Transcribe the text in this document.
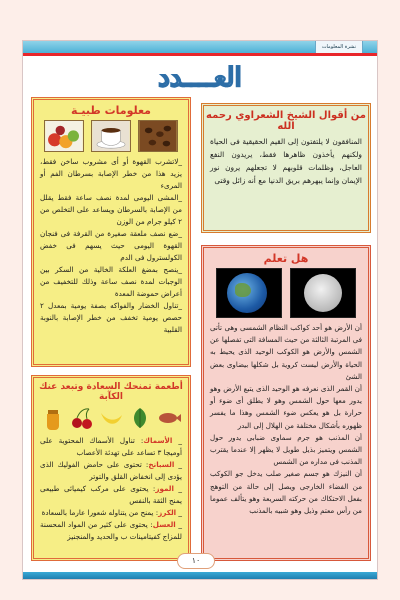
نشرة المعلومات
العــــدد
من أقوال الشيخ الشعراوي رحمه الله
المنافقون لا يلتفتون إلى القيم الحقيقية فى الحياة ولكنهم يأخذون ظاهرها فقط، يريدون النفع العاجل، وظلمات قلوبهم لا تجعلهم يرون نور الإيمان وإنما يبهرهم بريق الدنيا مع أنه زائل وقتى
هل تعلم

أن الأرض هو أحد كواكب النظام الشمسى وهى تأتى فى المرتبة الثالثة من حيث المسافة التى تفصلها عن الشمس والأرض هو الكوكب الوحيد الذى يحيط به الحياة والأرض ليست كروية بل شكلها بيضاوى بعض الشئ

أن القمر الذى نعرفه هو الوحيد الذى يتبع الأرض وهو يدور معها حول الشمس وهو لا يطلق أى ضوء أو حرارة بل هو يعكس ضوء الشمس وهذا ما يفسر ظهوره بأشكال مختلفة من الهلال إلى البدر

أن المذنب هو جرم سماوى ضبابى يدور حول الشمس ويتميز بذيل طويل لا يظهر إلا عندما يقترب المذنب فى مداره من الشمس

أن النيزك هو جسم صغير صلب يدخل جو الكوكب من الفضاء الخارجى ويصل إلى حالة من التوهج بفعل الاحتكاك من حركته السريعة وهو يتألف عموما من رأس معتم وذيل وهو شبيه بالمذنب

معلومات طبيـة

_لاتشرب القهوة أو أى مشروب ساخن فقط، يزيد هذا من خطر الإصابة بسرطان الفم أو المرىء

_المشى اليومى لمدة نصف ساعة فقط يقلل من الإصابة بالسرطان ويساعد على التخلص من ٢ كيلو جرام من الوزن

_ضع نصف ملعقة صغيرة من القرفة فى فنجان القهوة اليومى حيث يسهم فى خفض الكولسترول فى الدم

_ينصح بمضغ العلكة الخالية من السكر بين الوجبات لمدة نصف ساعة وذلك للتخفيف من أعراض حموضة المعدة

_تناول الخضار والفواكه بصفة يومية بمعدل ٢ حصص يومية تخفف من خطر الإصابة بالنوبة القلبية

أطعمة تمنحك السعادة وتبعد عنك الكآبة

_ الأسماك: تناول الأسماك المحتوية على أوميجا ٣ تساعد على تهدئة الأعصاب

_ السبانخ: تحتوى على حامض الفوليك الذى يؤدى إلى انخفاض القلق والتوتر

_ الموز: يحتوى على مركب كيميائى طبيعى يمنح الثقة بالنفس

_ الكرز: يمنح من يتناوله شعورا عارما بالسعادة

_ العسل: يحتوى على كثير من المواد المحسنة للمزاج كفيتامينات ب والحديد والمنجنيز

١٠
